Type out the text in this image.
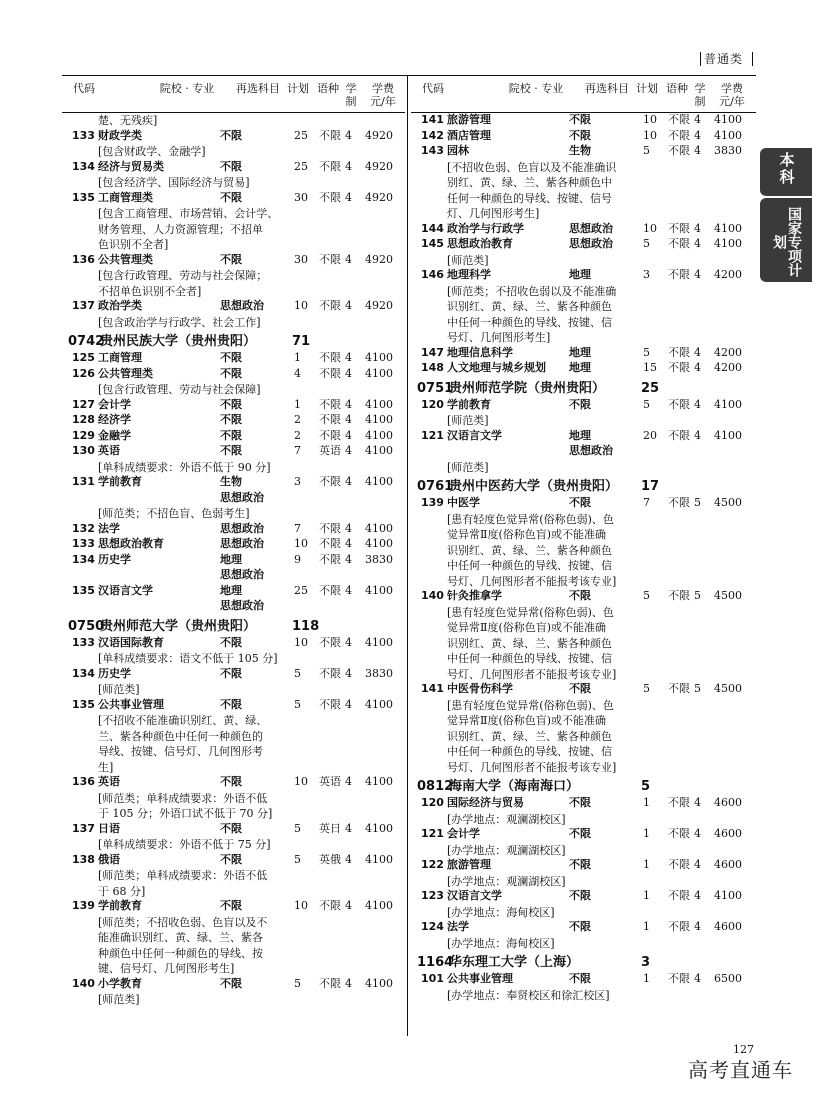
普通类
代码	院校 · 专业	再选科目 计划 语种 学制
学费元/年
代码	院校 · 专业	再选科目 计划 语种 学制
学费元/年
楚、无残疾]
133 财政学类	不限	25 不限 4 4920
[包含财政学、金融学]
134 经济与贸易类	不限	25 不限 4 4920
[包含经济学、国际经济与贸易]
135 工商管理类	不限	30 不限 4 4920
[包含工商管理、市场营销、会计学、
财务管理、人力资源管理；不招单
色识别不全者]
136 公共管理类	不限	30 不限 4 4920
[包含行政管理、劳动与社会保障；
不招单色识别不全者]
137 政治学类	思想政治	10 不限 4 4920
[包含政治学与行政学、社会工作]
0742
贵州民族大学（贵州贵阳）	71
125 工商管理	不限	1 不限 4 4100
126 公共管理类	不限	4 不限 4 4100
[包含行政管理、劳动与社会保障]
127 会计学	不限	1 不限 4 4100
128 经济学	不限	2 不限 4 4100
129 金融学	不限	2 不限 4 4100
130 英语	不限	7 英语 4 4100
[单科成绩要求：外语不低于 90 分]
131 学前教育	生物	3 不限 4 4100
思想政治
[师范类；不招色盲、色弱考生]
132 法学	思想政治	7 不限 4 4100
133 思想政治教育	思想政治	10 不限 4 4100
134 历史学	地理	9 不限 4 3830
思想政治
135 汉语言文学	地理	25 不限 4 4100
思想政治
0750
贵州师范大学（贵州贵阳）	118
133 汉语国际教育	不限	10 不限 4 4100
[单科成绩要求：语文不低于 105 分]
134 历史学	不限	5 不限 4 3830
[师范类]
135 公共事业管理	不限	5 不限 4 4100
[不招收不能准确识别红、黄、绿、
兰、紫各种颜色中任何一种颜色的
导线、按键、信号灯、几何图形考
生]
136 英语	不限	10 英语 4 4100
[师范类；单科成绩要求：外语不低
于 105 分；外语口试不低于 70 分]
137 日语	不限	5 英日 4 4100
[单科成绩要求：外语不低于 75 分]
138 俄语	不限	5 英俄 4 4100
[师范类；单科成绩要求：外语不低
于 68 分]
139 学前教育	不限	10 不限 4 4100
[师范类；不招收色弱、色盲以及不
能准确识别红、黄、绿、兰、紫各
种颜色中任何一种颜色的导线、按
键、信号灯、几何图形考生]
140 小学教育	不限	5 不限 4 4100
[师范类]
141 旅游管理	不限	10 不限 4 4100
142 酒店管理	不限	10 不限 4 4100
143 园林	生物	5 不限 4 3830
[不招收色弱、色盲以及不能准确识
别红、黄、绿、兰、紫各种颜色中
任何一种颜色的导线、按键、信号
灯、几何图形考生]
144 政治学与行政学	思想政治	10 不限 4 4100
145 思想政治教育	思想政治	5 不限 4 4100
[师范类]
146 地理科学	地理	3 不限 4 4200
[师范类；不招收色弱以及不能准确
识别红、黄、绿、兰、紫各种颜色
中任何一种颜色的导线、按键、信
号灯、几何图形考生]
147 地理信息科学	地理	5 不限 4 4200
148 人文地理与城乡规划 地理	15 不限 4 4200
0751
贵州师范学院（贵州贵阳）	25
120 学前教育	不限	5 不限 4 4100
[师范类]
121 汉语言文学	地理	20 不限 4 4100
思想政治
[师范类]
0761
贵州中医药大学（贵州贵阳） 17
139 中医学	不限	7 不限 5 4500
[患有轻度色觉异常(俗称色弱)、色
觉异常Ⅱ度(俗称色盲)或不能准确
识别红、黄、绿、兰、紫各种颜色
中任何一种颜色的导线、按键、信
号灯、几何图形者不能报考该专业]
140 针灸推拿学	不限	5 不限 5 4500
[患有轻度色觉异常(俗称色弱)、色
觉异常Ⅱ度(俗称色盲)或不能准确
识别红、黄、绿、兰、紫各种颜色
中任何一种颜色的导线、按键、信
号灯、几何图形者不能报考该专业]
141 中医骨伤科学	不限	5 不限 5 4500
[患有轻度色觉异常(俗称色弱)、色
觉异常Ⅱ度(俗称色盲)或不能准确
识别红、黄、绿、兰、紫各种颜色
中任何一种颜色的导线、按键、信
号灯、几何图形者不能报考该专业]
0812
海南大学（海南海口）	5
120 国际经济与贸易	不限	1 不限 4 4600
[办学地点：观澜湖校区]
121 会计学	不限	1 不限 4 4600
[办学地点：观澜湖校区]
122 旅游管理	不限	1 不限 4 4600
[办学地点：观澜湖校区]
123 汉语言文学	不限	1 不限 4 4100
[办学地点：海甸校区]
124 法学	不限	1 不限 4 4600
[办学地点：海甸校区]
1164
华东理工大学（上海）	3
101 公共事业管理	不限	1 不限 4 6500
[办学地点：奉贤校区和徐汇校区]
本科
国家专项计划
127
高考直通车
